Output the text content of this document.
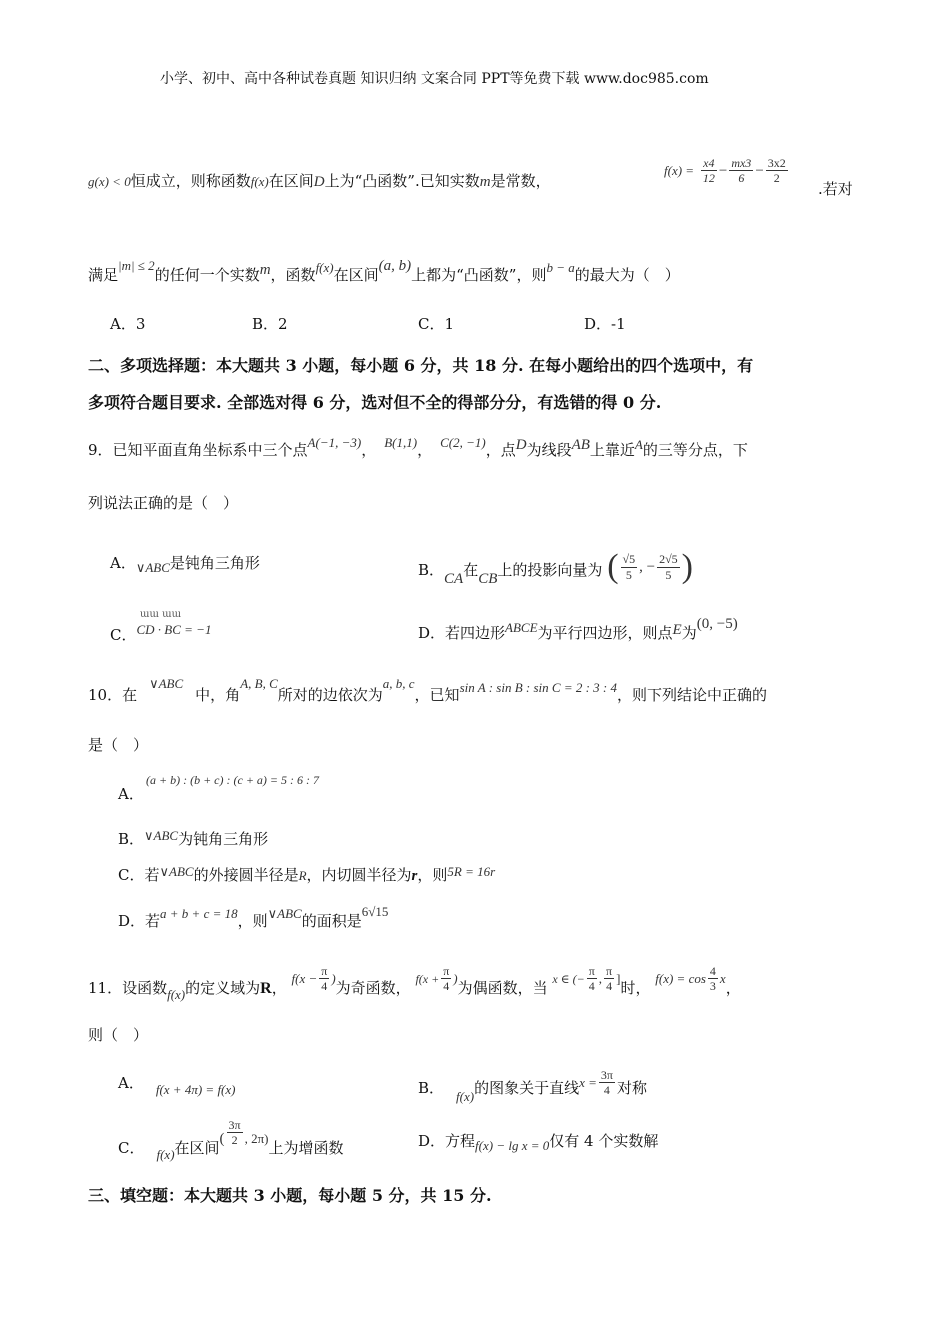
小学、初中、高中各种试卷真题 知识归纳 文案合同 PPT等免费下载 www.doc985.com
g(x) < 0恒成立，则称函数f(x)在区间D上为“凸函数”.已知实数m是常数，
$f(x) = \frac{x4}{12} - \frac{mx3}{6} - \frac{3x2}{2}$
.若对
满足|m| ≤ 2的任何一个实数m，函数f(x)在区间(a, b)上都为“凸函数”，则b − a的最大为（　）
A．3	B．2	C．1	D．-1
二、多项选择题：本大题共 3 小题，每小题 6 分，共 18 分. 在每小题给出的四个选项中，有
多项符合题目要求. 全部选对得 6 分，选对但不全的得部分分，有选错的得 0 分.
9．已知平面直角坐标系中三个点A(−1, −3)， B(1,1)， C(2, −1)，点D为线段AB上靠近A的三等分点，下
列说法正确的是（　）
A．∨ABC是钝角三角形	B．CA在CB上的投影向量为 ( $\frac{√5}{5}$ , − $\frac{2√5}{5}$ )
ɯɯ ɯɯ
C．CD · BC = −1	D．若四边形ABCE为平行四边形，则点E为(0, −5)
10．在∨ABC中，角A, B, C所对的边依次为a, b, c，已知sin A : sin B : sin C = 2 : 3 : 4，则下列结论中正确的
是（　）
(a + b) : (b + c) : (c + a) = 5 : 6 : 7
A．
B．∨ABC为钝角三角形
C．若∨ABC的外接圆半径是R，内切圆半径为r，则5R = 16r
D．若a + b + c = 18，则∨ABC的面积是6√15
11．设函数f(x)的定义域为R， $f(x - \frac{\pi}{4}$ )为奇函数， $f(x + \frac{\pi}{4}$ )为偶函数，当 x ∈ (− $\frac{\pi}{4}$ , $\frac{\pi}{4}$ ]时， $f(x) = \cos \frac{4}{3}$ x，
则（　）
A． f(x + 4π) = f(x)	B． f(x)的图象关于直线$x = \frac{3\pi}{4}$ 对称
C． f(x)在区间( $\frac{3\pi}{2}$ , 2π)上为增函数	D．方程f(x) − lg x = 0仅有 4 个实数解
三、填空题：本大题共 3 小题，每小题 5 分，共 15 分.
